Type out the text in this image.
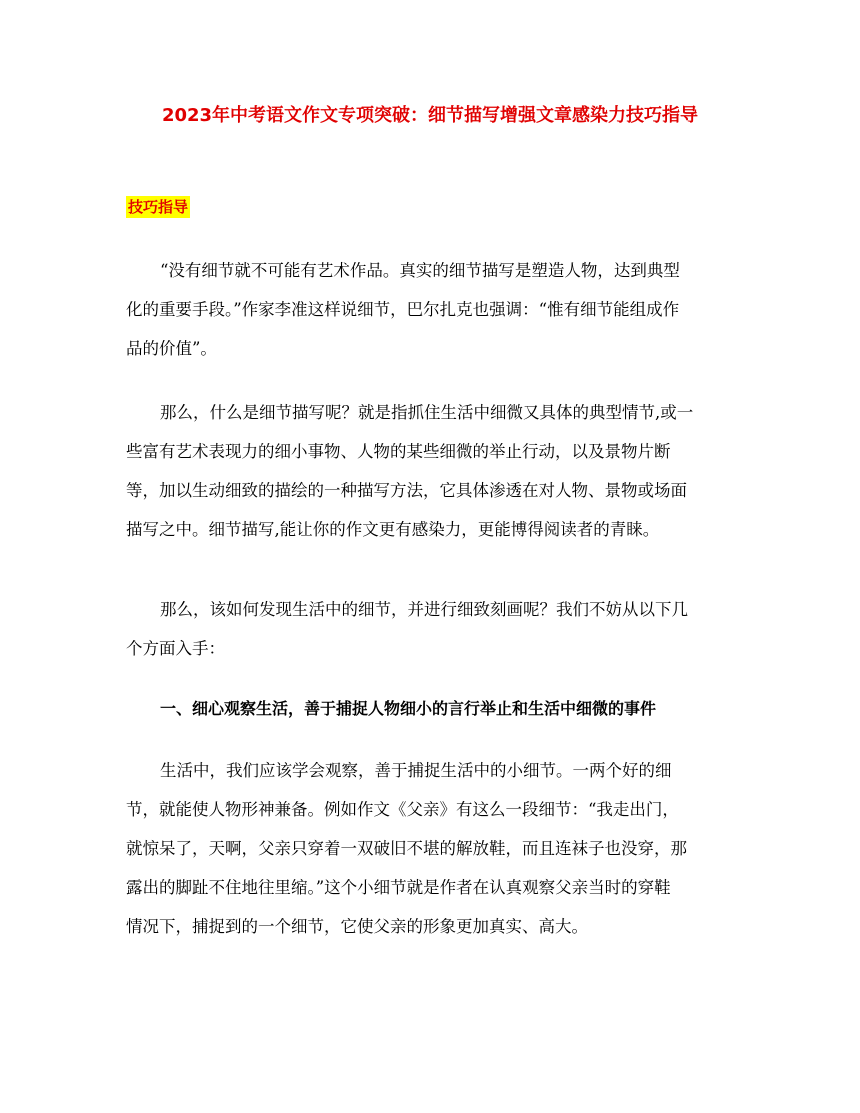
2023年中考语文作文专项突破：细节描写增强文章感染力技巧指导
技巧指导
“没有细节就不可能有艺术作品。真实的细节描写是塑造人物，达到典型
化的重要手段。”作家李准这样说细节，巴尔扎克也强调：“惟有细节能组成作
品的价值”。
那么，什么是细节描写呢？就是指抓住生活中细微又具体的典型情节,或一
些富有艺术表现力的细小事物、人物的某些细微的举止行动，以及景物片断
等，加以生动细致的描绘的一种描写方法，它具体渗透在对人物、景物或场面
描写之中。细节描写,能让你的作文更有感染力，更能博得阅读者的青睐。
那么，该如何发现生活中的细节，并进行细致刻画呢？我们不妨从以下几
个方面入手：
一、细心观察生活，善于捕捉人物细小的言行举止和生活中细微的事件
生活中，我们应该学会观察，善于捕捉生活中的小细节。一两个好的细
节，就能使人物形神兼备。例如作文《父亲》有这么一段细节：“我走出门，
就惊呆了，天啊，父亲只穿着一双破旧不堪的解放鞋，而且连袜子也没穿，那
露出的脚趾不住地往里缩。”这个小细节就是作者在认真观察父亲当时的穿鞋
情况下，捕捉到的一个细节，它使父亲的形象更加真实、高大。
